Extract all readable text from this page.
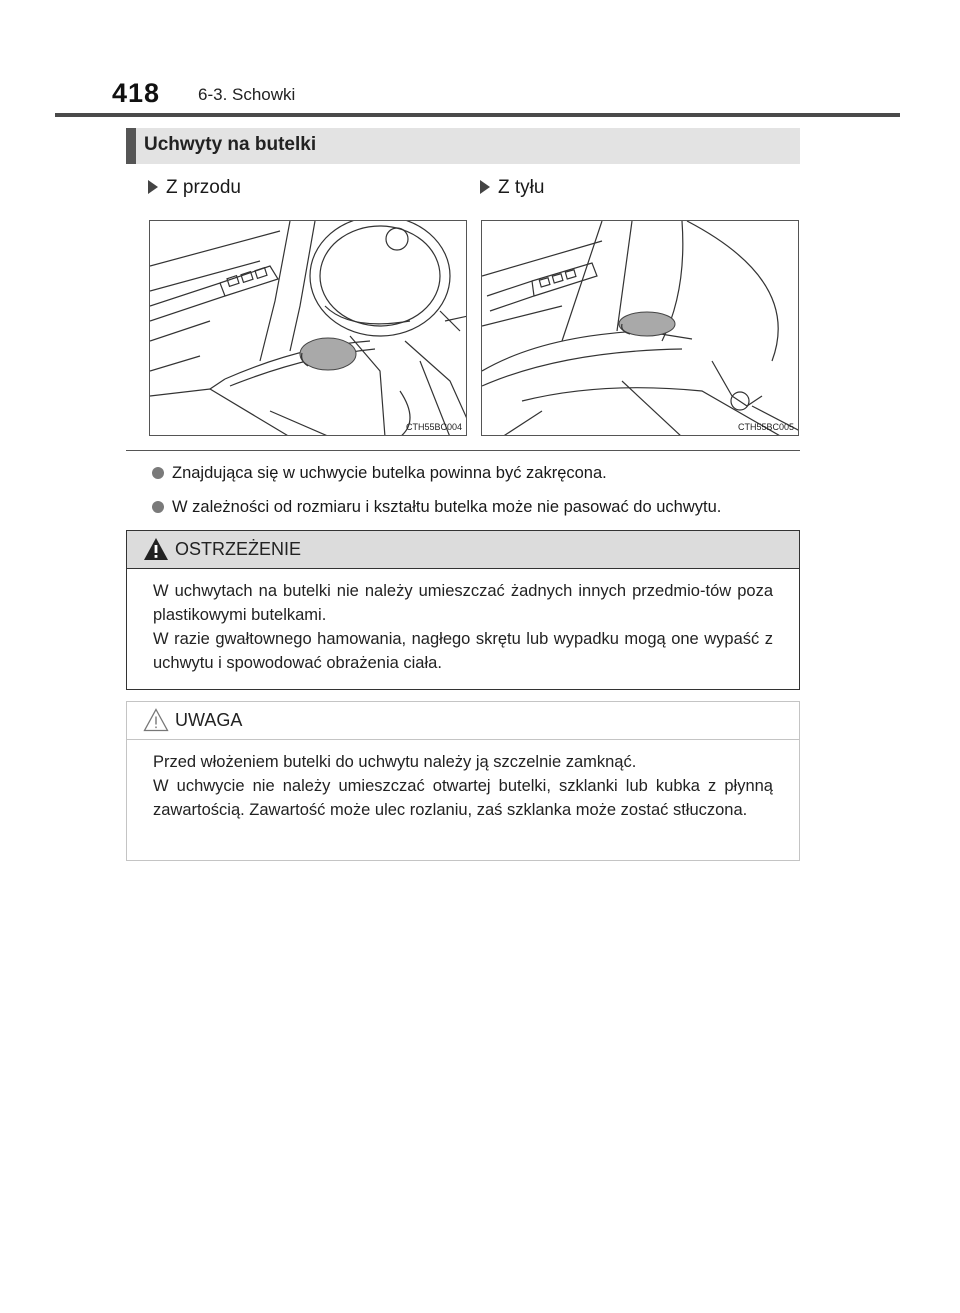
418 6-3. Schowki
Uchwyty na butelki
Z przodu	Z tyłu
CTH55BC004	CTH55BC005
Znajdująca się w uchwycie butelka powinna być zakręcona.
W zależności od rozmiaru i kształtu butelka może nie pasować do uchwytu.
OSTRZEŻENIE

W uchwytach na butelki nie należy umieszczać żadnych innych przedmio-tów poza plastikowymi butelkami.

W razie gwałtownego hamowania, nagłego skrętu lub wypadku mogą one wypaść z uchwytu i spowodować obrażenia ciała.

UWAGA

Przed włożeniem butelki do uchwytu należy ją szczelnie zamknąć.

W uchwycie nie należy umieszczać otwartej butelki, szklanki lub kubka z płynną zawartością. Zawartość może ulec rozlaniu, zaś szklanka może zostać stłuczona.
